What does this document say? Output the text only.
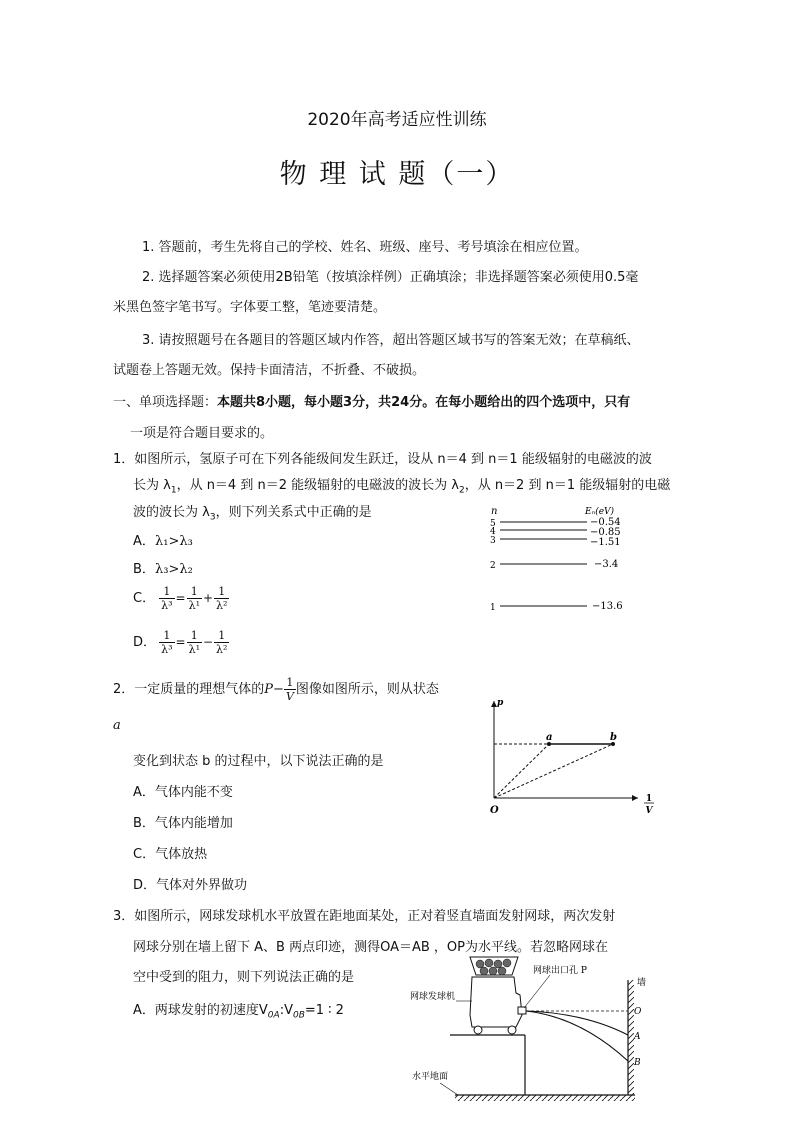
2020年高考适应性训练
物 理 试 题（一）
1. 答题前，考生先将自己的学校、姓名、班级、座号、考号填涂在相应位置。
2. 选择题答案必须使用2B铅笔（按填涂样例）正确填涂；非选择题答案必须使用0.5毫
米黑色签字笔书写。字体要工整，笔迹要清楚。
3. 请按照题号在各题目的答题区域内作答，超出答题区域书写的答案无效；在草稿纸、
试题卷上答题无效。保持卡面清洁，不折叠、不破损。
一、单项选择题：本题共8小题，每小题3分，共24分。在每小题给出的四个选项中，只有
一项是符合题目要求的。
1．如图所示，氢原子可在下列各能级间发生跃迁，设从 n＝4 到 n＝1 能级辐射的电磁波的波
长为 $\lambda_1$，从 n＝4 到 n＝2 能级辐射的电磁波的波长为 $\lambda_2$，从 n＝2 到 n＝1 能级辐射的电磁
波的波长为 $\lambda_3$，则下列关系式中正确的是
A．λ₁>λ₃
B．λ₃>λ₂
C． $\frac{1}{\text{λ³}} = \frac{1}{\text{λ¹}} + \frac{1}{\text{λ²}}$
D． $\frac{1}{\text{λ³}} = \frac{1}{\text{λ¹}} - \frac{1}{\text{λ²}}$
n	Eₙ(eV)
5	−0.54
4	−0.85
3	−1.51
2	−3.4
1	−13.6
2．一定质量的理想气体的$P- \frac{1}{V}$ 图像如图所示，则从状态
a
变化到状态 b 的过程中，以下说法正确的是
A．气体内能不变
B．气体内能增加
C．气体放热
D．气体对外界做功
p
O
1
V
a	b
3．如图所示，网球发球机水平放置在距地面某处，正对着竖直墙面发射网球，两次发射
网球分别在墙上留下 A、B 两点印迹，测得OA＝AB ，OP为水平线。若忽略网球在
空中受到的阻力，则下列说法正确的是
A．两球发射的初速度$V_{0A}:V_{0B}=1$ ∶ 2	O
A
B
墙
网球出口孔 P
网球发球机
水平地面
